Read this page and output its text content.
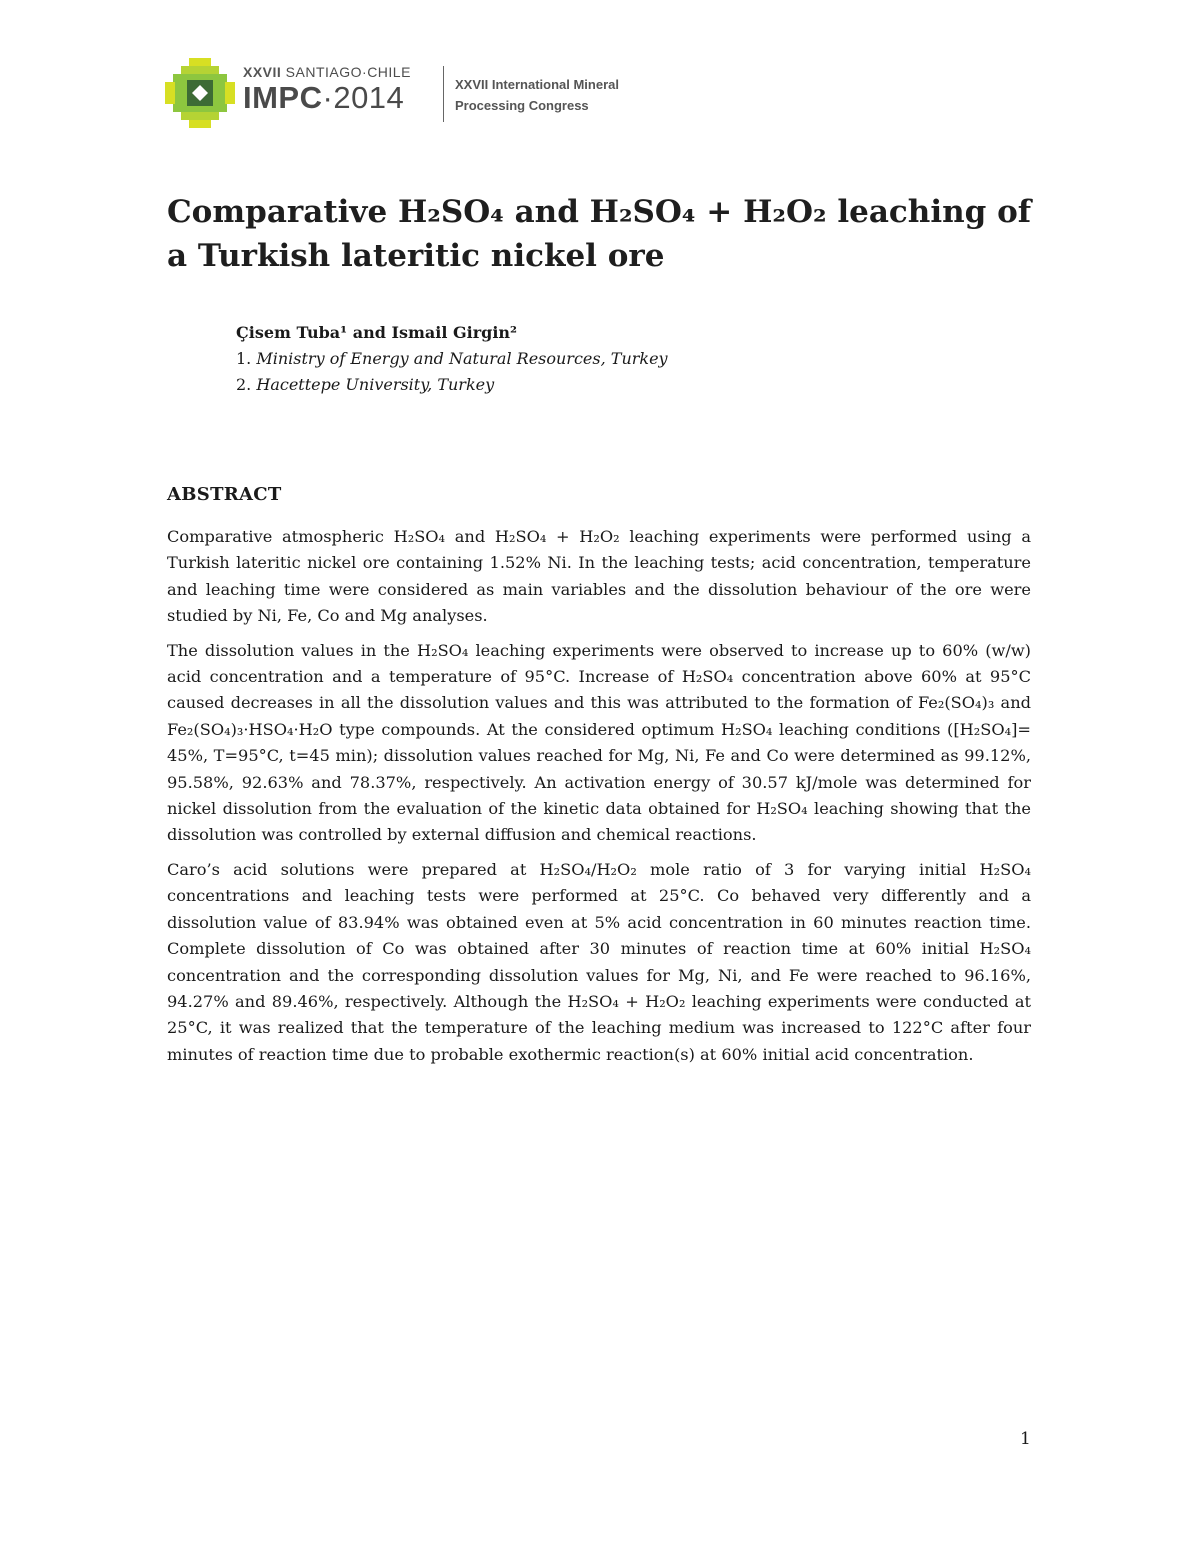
XXVII SANTIAGO·CHILE
IMPC·2014	XXVII International Mineral
Processing Congress
Comparative H₂SO₄ and H₂SO₄ + H₂O₂ leaching of a Turkish lateritic nickel ore
Çisem Tuba¹ and Ismail Girgin²
1. Ministry of Energy and Natural Resources, Turkey
2. Hacettepe University, Turkey
ABSTRACT

Comparative atmospheric H₂SO₄ and H₂SO₄ + H₂O₂ leaching experiments were performed using a Turkish lateritic nickel ore containing 1.52% Ni. In the leaching tests; acid concentration, temperature and leaching time were considered as main variables and the dissolution behaviour of the ore were studied by Ni, Fe, Co and Mg analyses.

The dissolution values in the H₂SO₄ leaching experiments were observed to increase up to 60% (w/w) acid concentration and a temperature of 95°C. Increase of H₂SO₄ concentration above 60% at 95°C caused decreases in all the dissolution values and this was attributed to the formation of Fe₂(SO₄)₃ and Fe₂(SO₄)₃·HSO₄·H₂O type compounds. At the considered optimum H₂SO₄ leaching conditions ([H₂SO₄]= 45%, T=95°C, t=45 min); dissolution values reached for Mg, Ni, Fe and Co were determined as 99.12%, 95.58%, 92.63% and 78.37%, respectively. An activation energy of 30.57 kJ/mole was determined for nickel dissolution from the evaluation of the kinetic data obtained for H₂SO₄ leaching showing that the dissolution was controlled by external diffusion and chemical reactions.

Caro’s acid solutions were prepared at H₂SO₄/H₂O₂ mole ratio of 3 for varying initial H₂SO₄ concentrations and leaching tests were performed at 25°C. Co behaved very differently and a dissolution value of 83.94% was obtained even at 5% acid concentration in 60 minutes reaction time. Complete dissolution of Co was obtained after 30 minutes of reaction time at 60% initial H₂SO₄ concentration and the corresponding dissolution values for Mg, Ni, and Fe were reached to 96.16%, 94.27% and 89.46%, respectively. Although the H₂SO₄ + H₂O₂ leaching experiments were conducted at 25°C, it was realized that the temperature of the leaching medium was increased to 122°C after four minutes of reaction time due to probable exothermic reaction(s) at 60% initial acid concentration.

1
